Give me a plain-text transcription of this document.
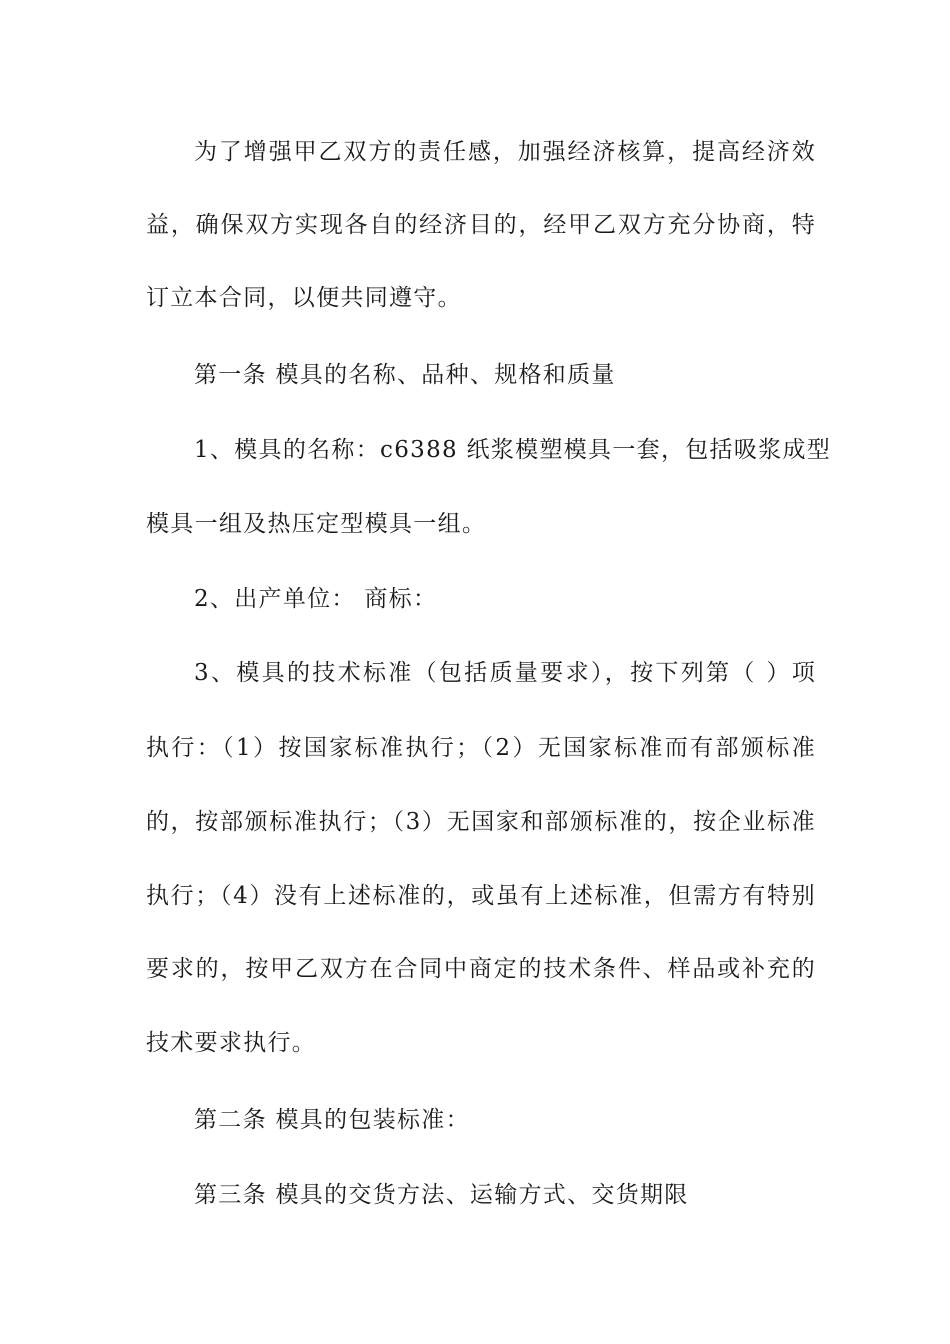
为了增强甲乙双方的责任感，加强经济核算，提高经济效
益，确保双方实现各自的经济目的，经甲乙双方充分协商，特
订立本合同，以便共同遵守。
第一条 模具的名称、品种、规格和质量
1、模具的名称：c6388 纸浆模塑模具一套，包括吸浆成型
模具一组及热压定型模具一组。
2、出产单位： 商标：
3、模具的技术标准（包括质量要求），按下列第（ ）项
执行：（1）按国家标准执行；（2）无国家标准而有部颁标准
的，按部颁标准执行；（3）无国家和部颁标准的，按企业标准
执行；（4）没有上述标准的，或虽有上述标准，但需方有特别
要求的，按甲乙双方在合同中商定的技术条件、样品或补充的
技术要求执行。
第二条 模具的包装标准：
第三条 模具的交货方法、运输方式、交货期限
